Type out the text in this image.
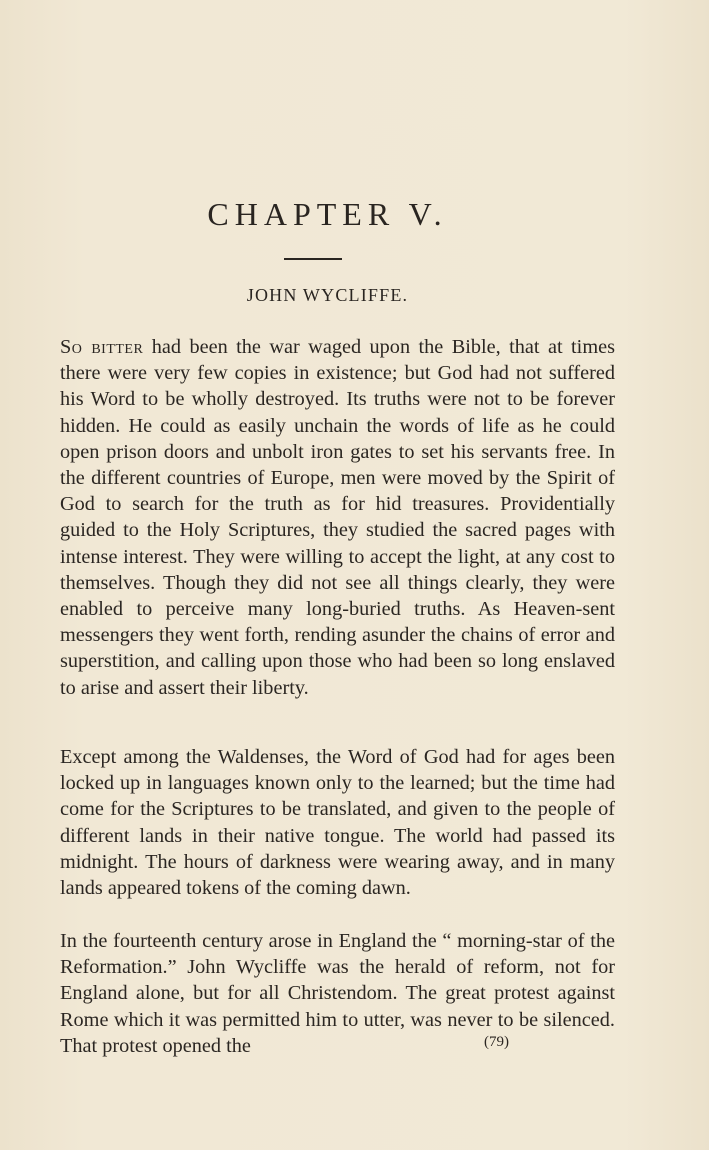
CHAPTER V.
JOHN WYCLIFFE.

So bitter had been the war waged upon the Bible, that at times there were very few copies in existence; but God had not suffered his Word to be wholly destroyed. Its truths were not to be forever hidden. He could as easily unchain the words of life as he could open prison doors and unbolt iron gates to set his servants free. In the different countries of Europe, men were moved by the Spirit of God to search for the truth as for hid treasures. Providentially guided to the Holy Scriptures, they studied the sacred pages with intense interest. They were willing to accept the light, at any cost to themselves. Though they did not see all things clearly, they were enabled to perceive many long-buried truths. As Heaven-sent messengers they went forth, rending asunder the chains of error and superstition, and calling upon those who had been so long enslaved to arise and assert their liberty.

Except among the Waldenses, the Word of God had for ages been locked up in languages known only to the learned; but the time had come for the Scriptures to be translated, and given to the people of different lands in their native tongue. The world had passed its midnight. The hours of darkness were wearing away, and in many lands appeared tokens of the coming dawn.

In the fourteenth century arose in England the “ morning-star of the Reformation.” John Wycliffe was the herald of reform, not for England alone, but for all Christendom. The great protest against Rome which it was permitted him to utter, was never to be silenced. That protest opened the	(79)
